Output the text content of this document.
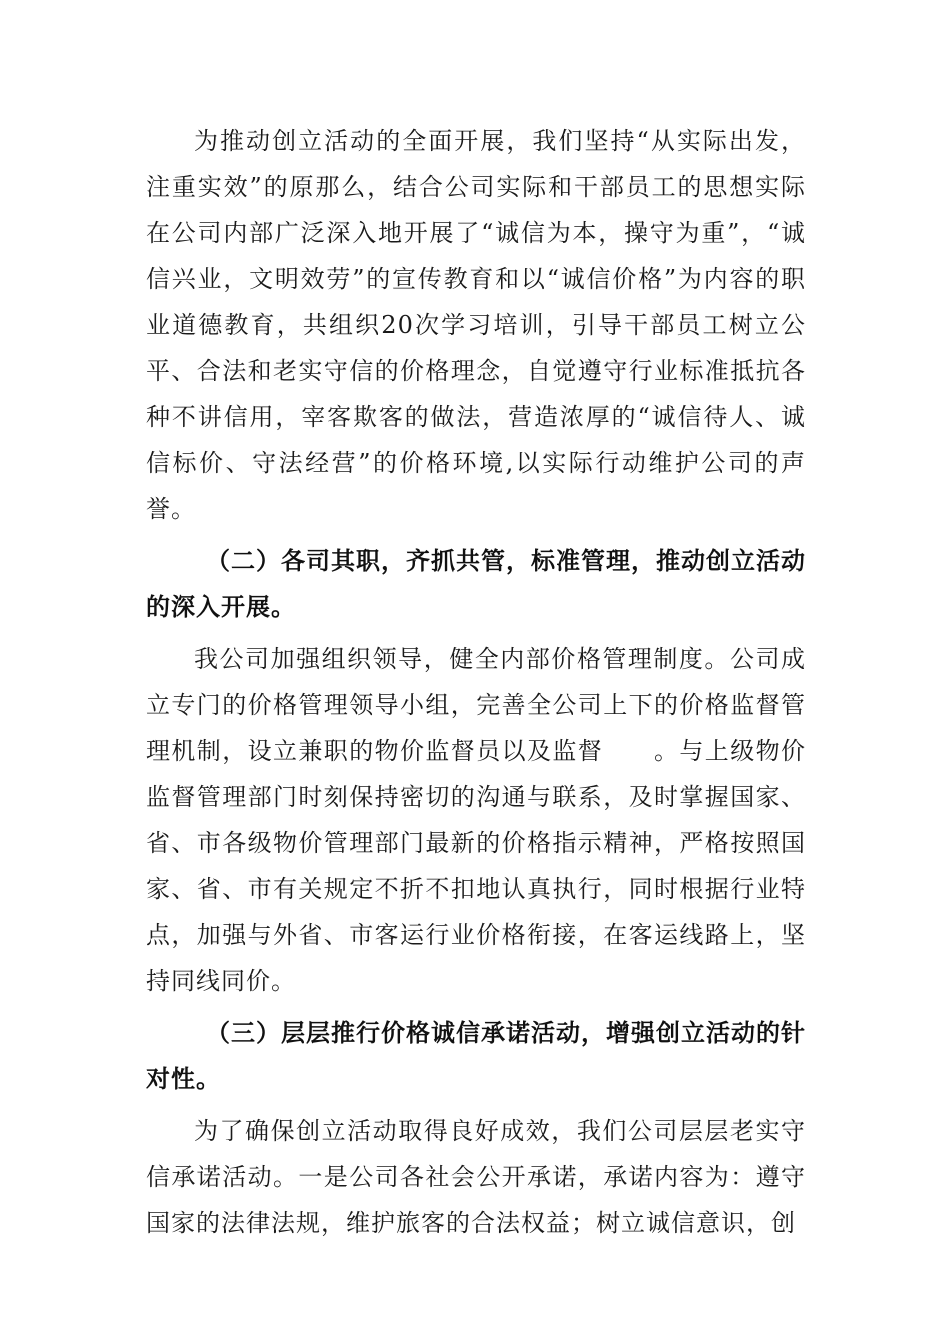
为推动创立活动的全面开展，我们坚持“从实际出发，注重实效”的原那么，结合公司实际和干部员工的思想实际在公司内部广泛深入地开展了“诚信为本，操守为重”，“诚信兴业，文明效劳”的宣传教育和以“诚信价格”为内容的职业道德教育，共组织20次学习培训，引导干部员工树立公平、合法和老实守信的价格理念，自觉遵守行业标准抵抗各种不讲信用，宰客欺客的做法，营造浓厚的“诚信待人、诚信标价、守法经营”的价格环境,以实际行动维护公司的声誉。

（二）各司其职，齐抓共管，标准管理，推动创立活动的深入开展。

我公司加强组织领导，健全内部价格管理制度。公司成立专门的价格管理领导小组，完善全公司上下的价格监督管理机制，设立兼职的物价监督员以及监督　　。与上级物价监督管理部门时刻保持密切的沟通与联系，及时掌握国家、省、市各级物价管理部门最新的价格指示精神，严格按照国家、省、市有关规定不折不扣地认真执行，同时根据行业特点，加强与外省、市客运行业价格衔接，在客运线路上，坚持同线同价。

（三）层层推行价格诚信承诺活动，增强创立活动的针对性。

为了确保创立活动取得良好成效，我们公司层层老实守信承诺活动。一是公司各社会公开承诺，承诺内容为：遵守国家的法律法规，维护旅客的合法权益；树立诚信意识，创
